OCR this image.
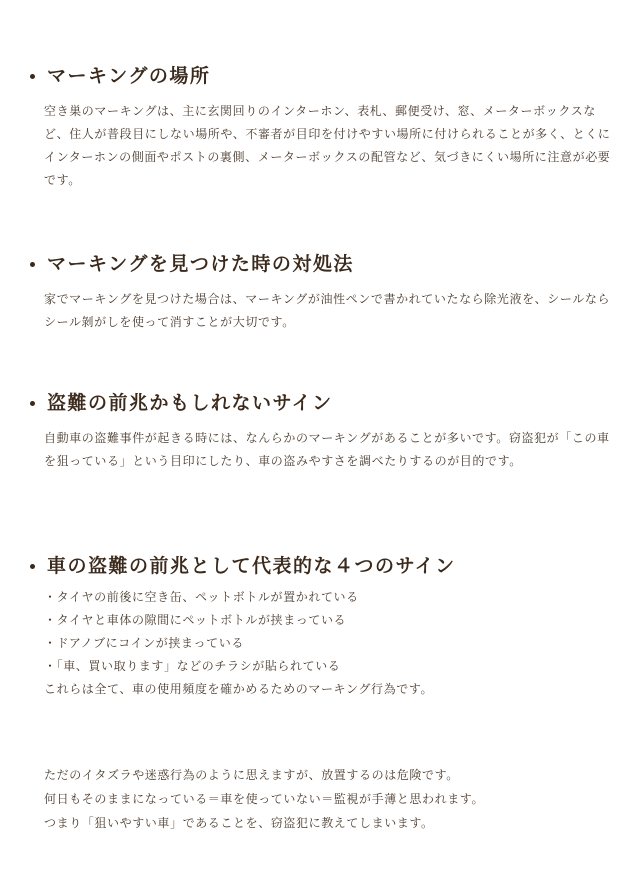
マーキングの場所

空き巣のマーキングは、主に玄関回りのインターホン、表札、郵便受け、窓、メーターボックスなど、住人が普段目にしない場所や、不審者が目印を付けやすい場所に付けられることが多く、とくにインターホンの側面やポストの裏側、メーターボックスの配管など、気づきにくい場所に注意が必要です。

マーキングを見つけた時の対処法

家でマーキングを見つけた場合は、マーキングが油性ペンで書かれていたなら除光液を、シールならシール剝がしを使って消すことが大切です。

盗難の前兆かもしれないサイン

自動車の盗難事件が起きる時には、なんらかのマーキングがあることが多いです。窃盗犯が「この車を狙っている」という目印にしたり、車の盗みやすさを調べたりするのが目的です。

車の盗難の前兆として代表的な４つのサイン
・タイヤの前後に空き缶、ペットボトルが置かれている
・タイヤと車体の隙間にペットボトルが挟まっている
・ドアノブにコインが挟まっている
・「車、買い取ります」などのチラシが貼られている
これらは全て、車の使用頻度を確かめるためのマーキング行為です。
ただのイタズラや迷惑行為のように思えますが、放置するのは危険です。
何日もそのままになっている＝車を使っていない＝監視が手薄と思われます。
つまり「狙いやすい車」であることを、窃盗犯に教えてしまいます。
